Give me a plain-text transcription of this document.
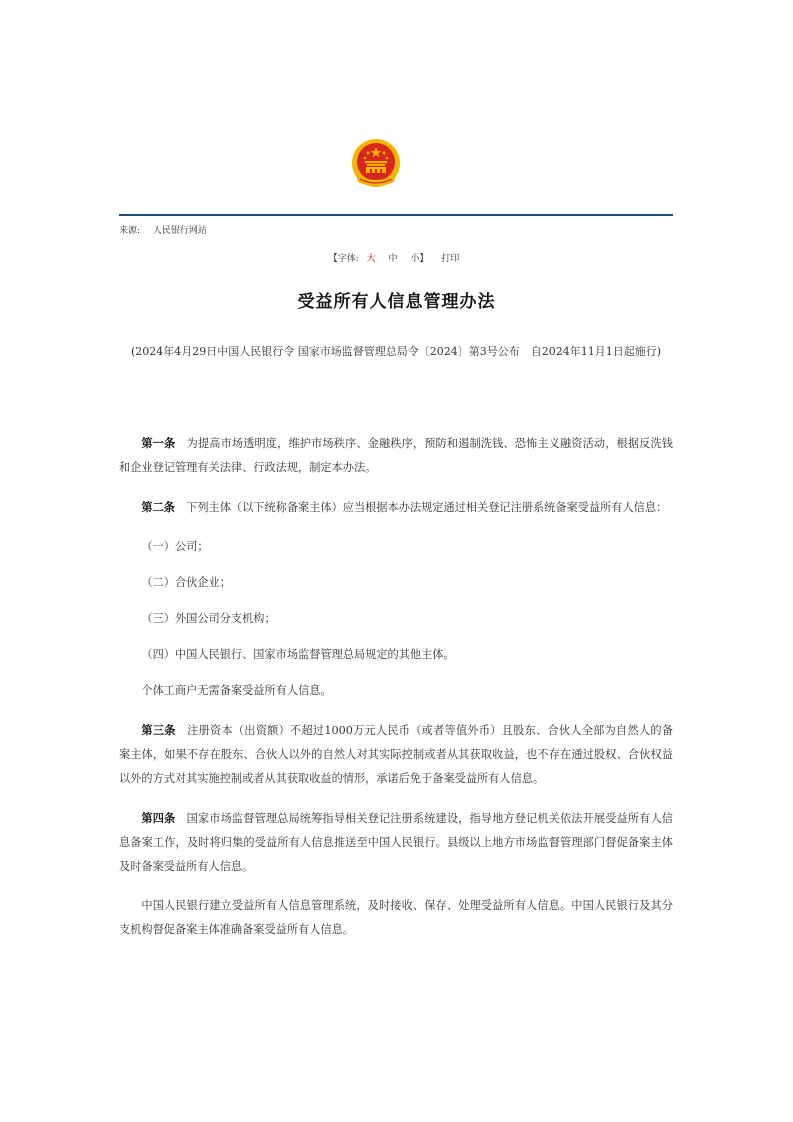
来源: 人民银行网站
【字体: 大 中 小】 打印
受益所有人信息管理办法
(2024年4月29日中国人民银行令 国家市场监督管理总局令〔2024〕第3号公布　自2024年11月1日起施行)

第一条　 为提高市场透明度，维护市场秩序、金融秩序，预防和遏制洗钱、恐怖主义融资活动，根据反洗钱和企业登记管理有关法律、行政法规，制定本办法。

第二条　 下列主体（以下统称备案主体）应当根据本办法规定通过相关登记注册系统备案受益所有人信息：

（一）公司；

（二）合伙企业；

（三）外国公司分支机构；

（四）中国人民银行、国家市场监督管理总局规定的其他主体。

个体工商户无需备案受益所有人信息。

第三条　 注册资本（出资额）不超过1000万元人民币（或者等值外币）且股东、合伙人全部为自然人的备案主体，如果不存在股东、合伙人以外的自然人对其实际控制或者从其获取收益，也不存在通过股权、合伙权益以外的方式对其实施控制或者从其获取收益的情形，承诺后免于备案受益所有人信息。

第四条　 国家市场监督管理总局统筹指导相关登记注册系统建设，指导地方登记机关依法开展受益所有人信息备案工作，及时将归集的受益所有人信息推送至中国人民银行。县级以上地方市场监督管理部门督促备案主体及时备案受益所有人信息。

中国人民银行建立受益所有人信息管理系统，及时接收、保存、处理受益所有人信息。中国人民银行及其分支机构督促备案主体准确备案受益所有人信息。
